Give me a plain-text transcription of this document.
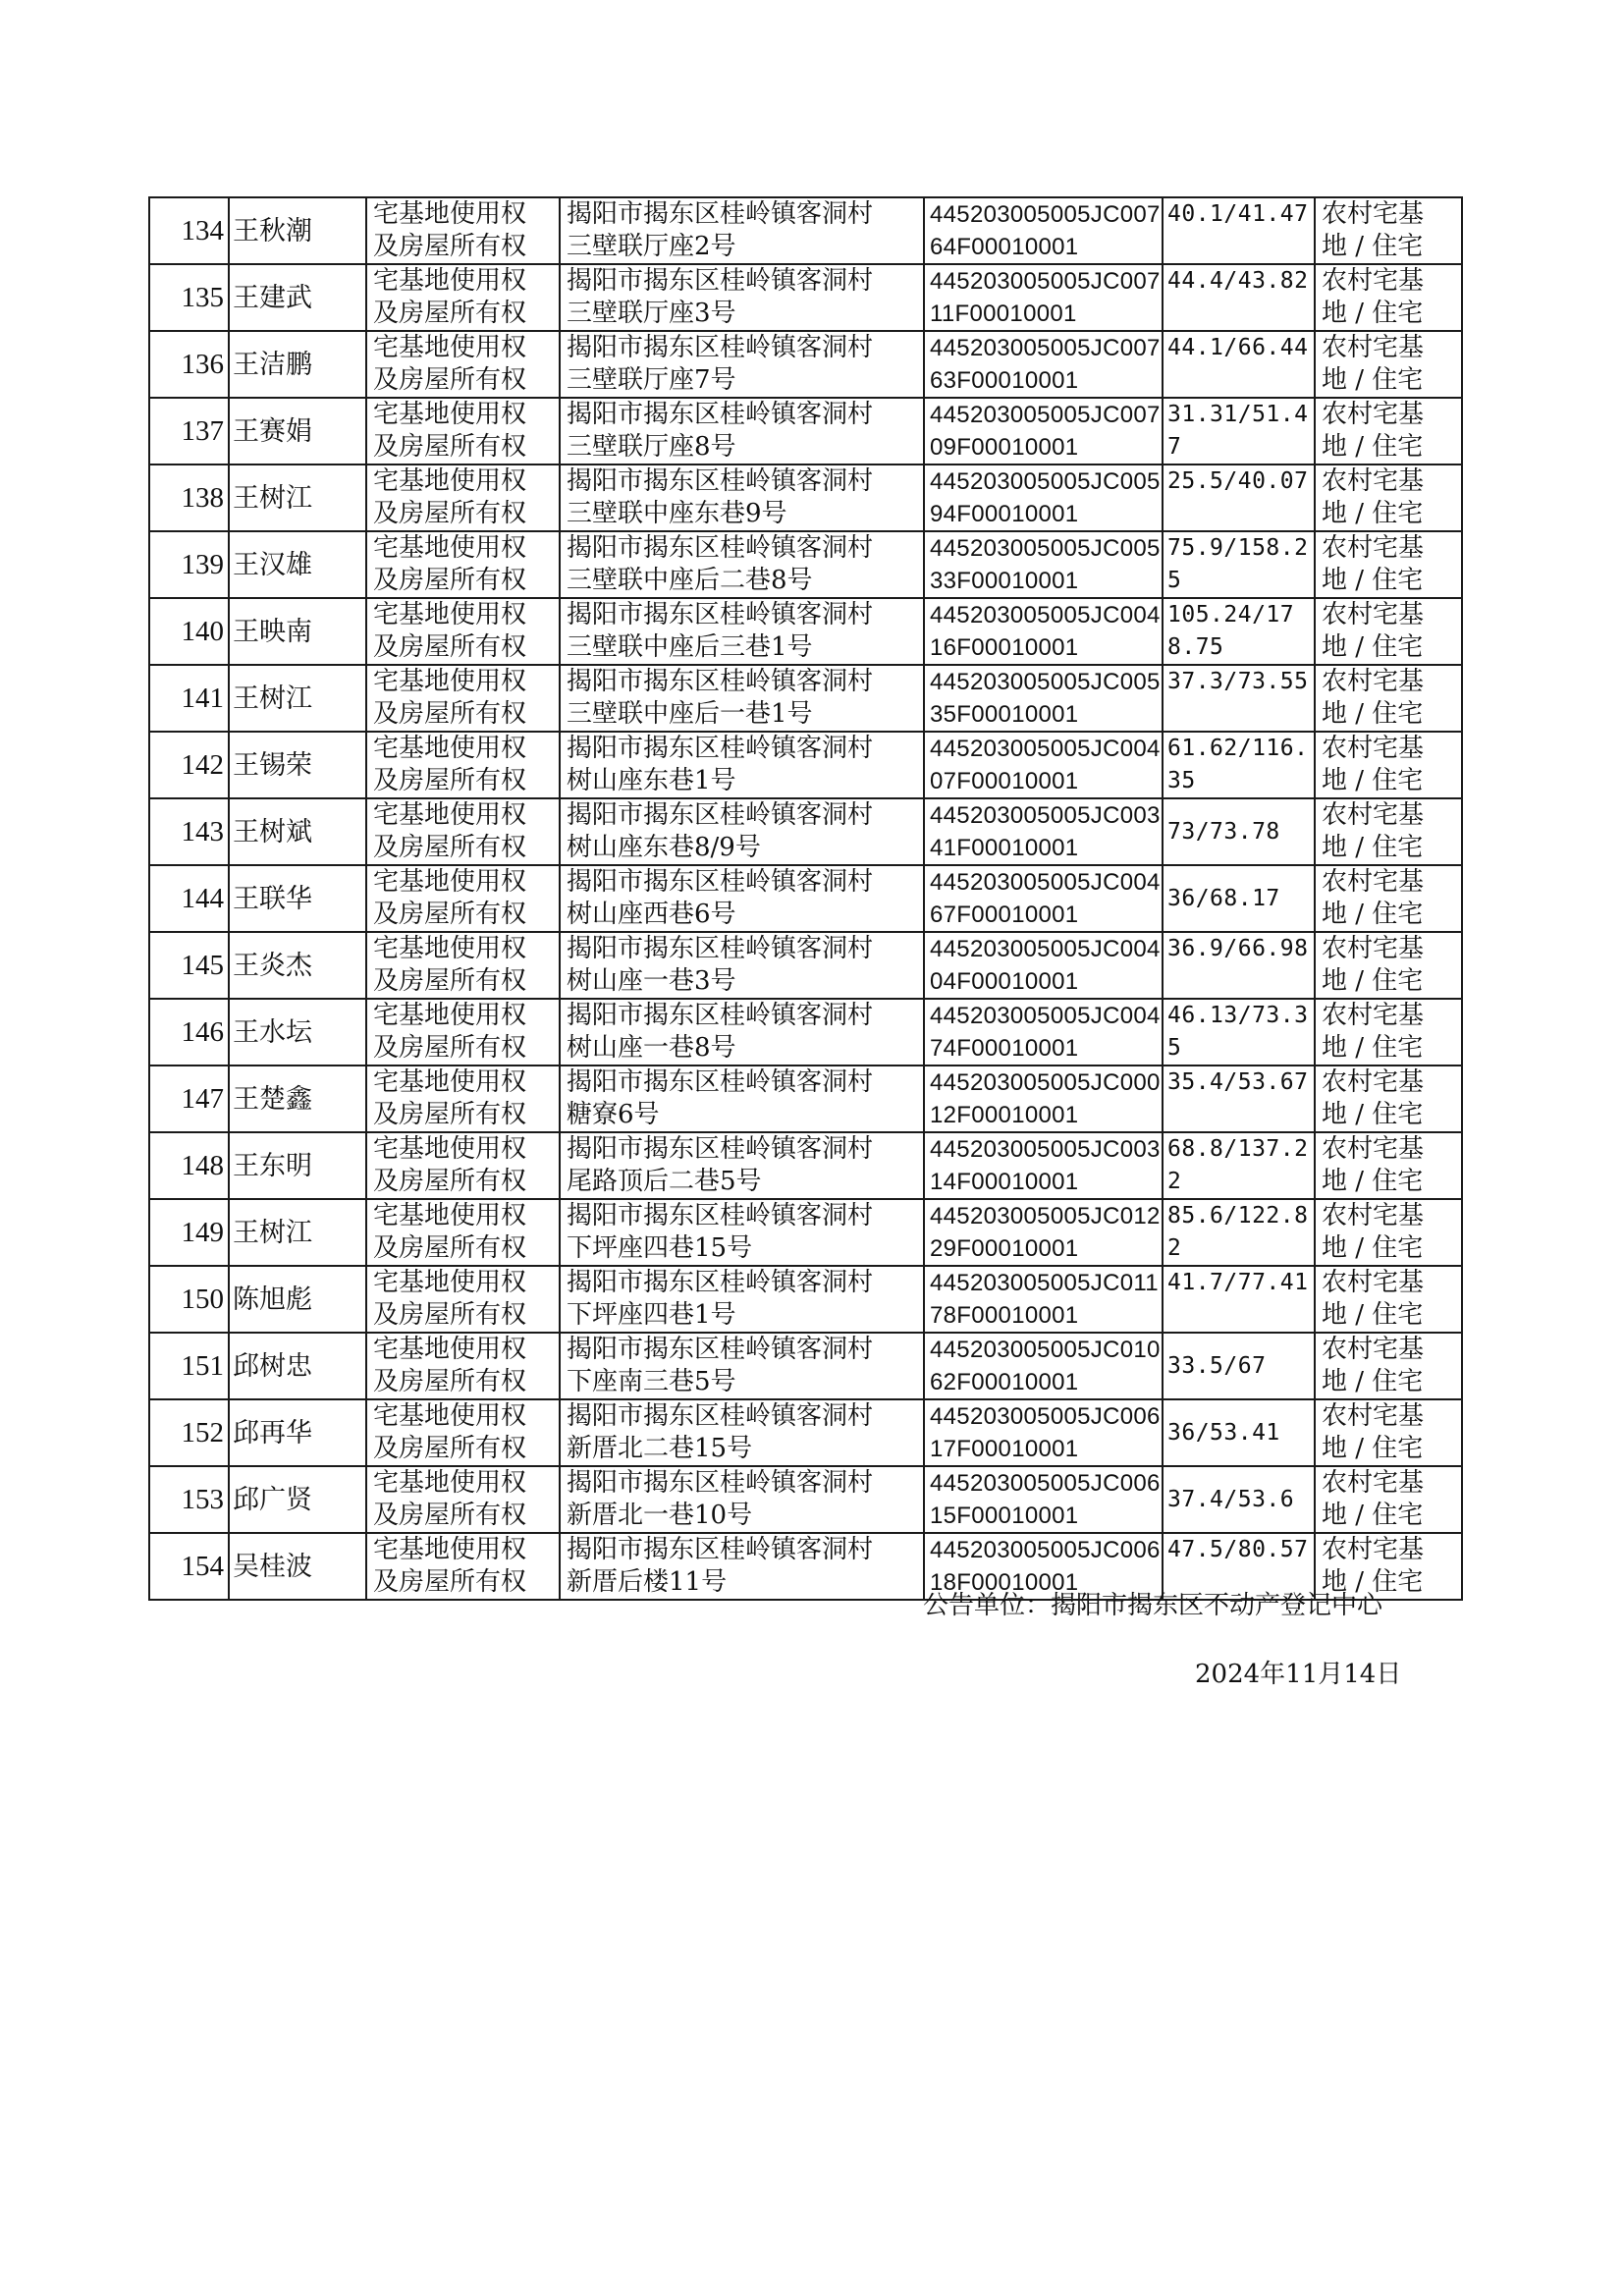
134	王秋潮	宅基地使用权
及房屋所有权	揭阳市揭东区桂岭镇客洞村
三壁联厅座2号	445203005005JC00764F00010001	40.1/41.47	农村宅基
地 / 住宅
135	王建武	宅基地使用权
及房屋所有权	揭阳市揭东区桂岭镇客洞村
三壁联厅座3号	445203005005JC00711F00010001	44.4/43.82	农村宅基
地 / 住宅
136	王洁鹏	宅基地使用权
及房屋所有权	揭阳市揭东区桂岭镇客洞村
三壁联厅座7号	445203005005JC00763F00010001	44.1/66.44	农村宅基
地 / 住宅
137	王赛娟	宅基地使用权
及房屋所有权	揭阳市揭东区桂岭镇客洞村
三壁联厅座8号	445203005005JC00709F00010001	31.31/51.47	农村宅基
地 / 住宅
138	王树江	宅基地使用权
及房屋所有权	揭阳市揭东区桂岭镇客洞村
三壁联中座东巷9号	445203005005JC00594F00010001	25.5/40.07	农村宅基
地 / 住宅
139	王汉雄	宅基地使用权
及房屋所有权	揭阳市揭东区桂岭镇客洞村
三壁联中座后二巷8号	445203005005JC00533F00010001	75.9/158.25	农村宅基
地 / 住宅
140	王映南	宅基地使用权
及房屋所有权	揭阳市揭东区桂岭镇客洞村
三壁联中座后三巷1号	445203005005JC00416F00010001	105.24/178.75	农村宅基
地 / 住宅
141	王树江	宅基地使用权
及房屋所有权	揭阳市揭东区桂岭镇客洞村
三壁联中座后一巷1号	445203005005JC00535F00010001	37.3/73.55	农村宅基
地 / 住宅
142	王锡荣	宅基地使用权
及房屋所有权	揭阳市揭东区桂岭镇客洞村
树山座东巷1号	445203005005JC00407F00010001	61.62/116.35	农村宅基
地 / 住宅
143	王树斌	宅基地使用权
及房屋所有权	揭阳市揭东区桂岭镇客洞村
树山座东巷8/9号	445203005005JC00341F00010001	73/73.78	农村宅基
地 / 住宅
144	王联华	宅基地使用权
及房屋所有权	揭阳市揭东区桂岭镇客洞村
树山座西巷6号	445203005005JC00467F00010001	36/68.17	农村宅基
地 / 住宅
145	王炎杰	宅基地使用权
及房屋所有权	揭阳市揭东区桂岭镇客洞村
树山座一巷3号	445203005005JC00404F00010001	36.9/66.98	农村宅基
地 / 住宅
146	王水坛	宅基地使用权
及房屋所有权	揭阳市揭东区桂岭镇客洞村
树山座一巷8号	445203005005JC00474F00010001	46.13/73.35	农村宅基
地 / 住宅
147	王楚鑫	宅基地使用权
及房屋所有权	揭阳市揭东区桂岭镇客洞村
糖寮6号	445203005005JC00012F00010001	35.4/53.67	农村宅基
地 / 住宅
148	王东明	宅基地使用权
及房屋所有权	揭阳市揭东区桂岭镇客洞村
尾路顶后二巷5号	445203005005JC00314F00010001	68.8/137.22	农村宅基
地 / 住宅
149	王树江	宅基地使用权
及房屋所有权	揭阳市揭东区桂岭镇客洞村
下坪座四巷15号	445203005005JC01229F00010001	85.6/122.82	农村宅基
地 / 住宅
150	陈旭彪	宅基地使用权
及房屋所有权	揭阳市揭东区桂岭镇客洞村
下坪座四巷1号	445203005005JC01178F00010001	41.7/77.41	农村宅基
地 / 住宅
151	邱树忠	宅基地使用权
及房屋所有权	揭阳市揭东区桂岭镇客洞村
下座南三巷5号	445203005005JC01062F00010001	33.5/67	农村宅基
地 / 住宅
152	邱再华	宅基地使用权
及房屋所有权	揭阳市揭东区桂岭镇客洞村
新厝北二巷15号	445203005005JC00617F00010001	36/53.41	农村宅基
地 / 住宅
153	邱广贤	宅基地使用权
及房屋所有权	揭阳市揭东区桂岭镇客洞村
新厝北一巷10号	445203005005JC00615F00010001	37.4/53.6	农村宅基
地 / 住宅
154	吴桂波	宅基地使用权
及房屋所有权	揭阳市揭东区桂岭镇客洞村
新厝后楼11号	445203005005JC00618F00010001	47.5/80.57	农村宅基
地 / 住宅
公告单位：揭阳市揭东区不动产登记中心
2024年11月14日
